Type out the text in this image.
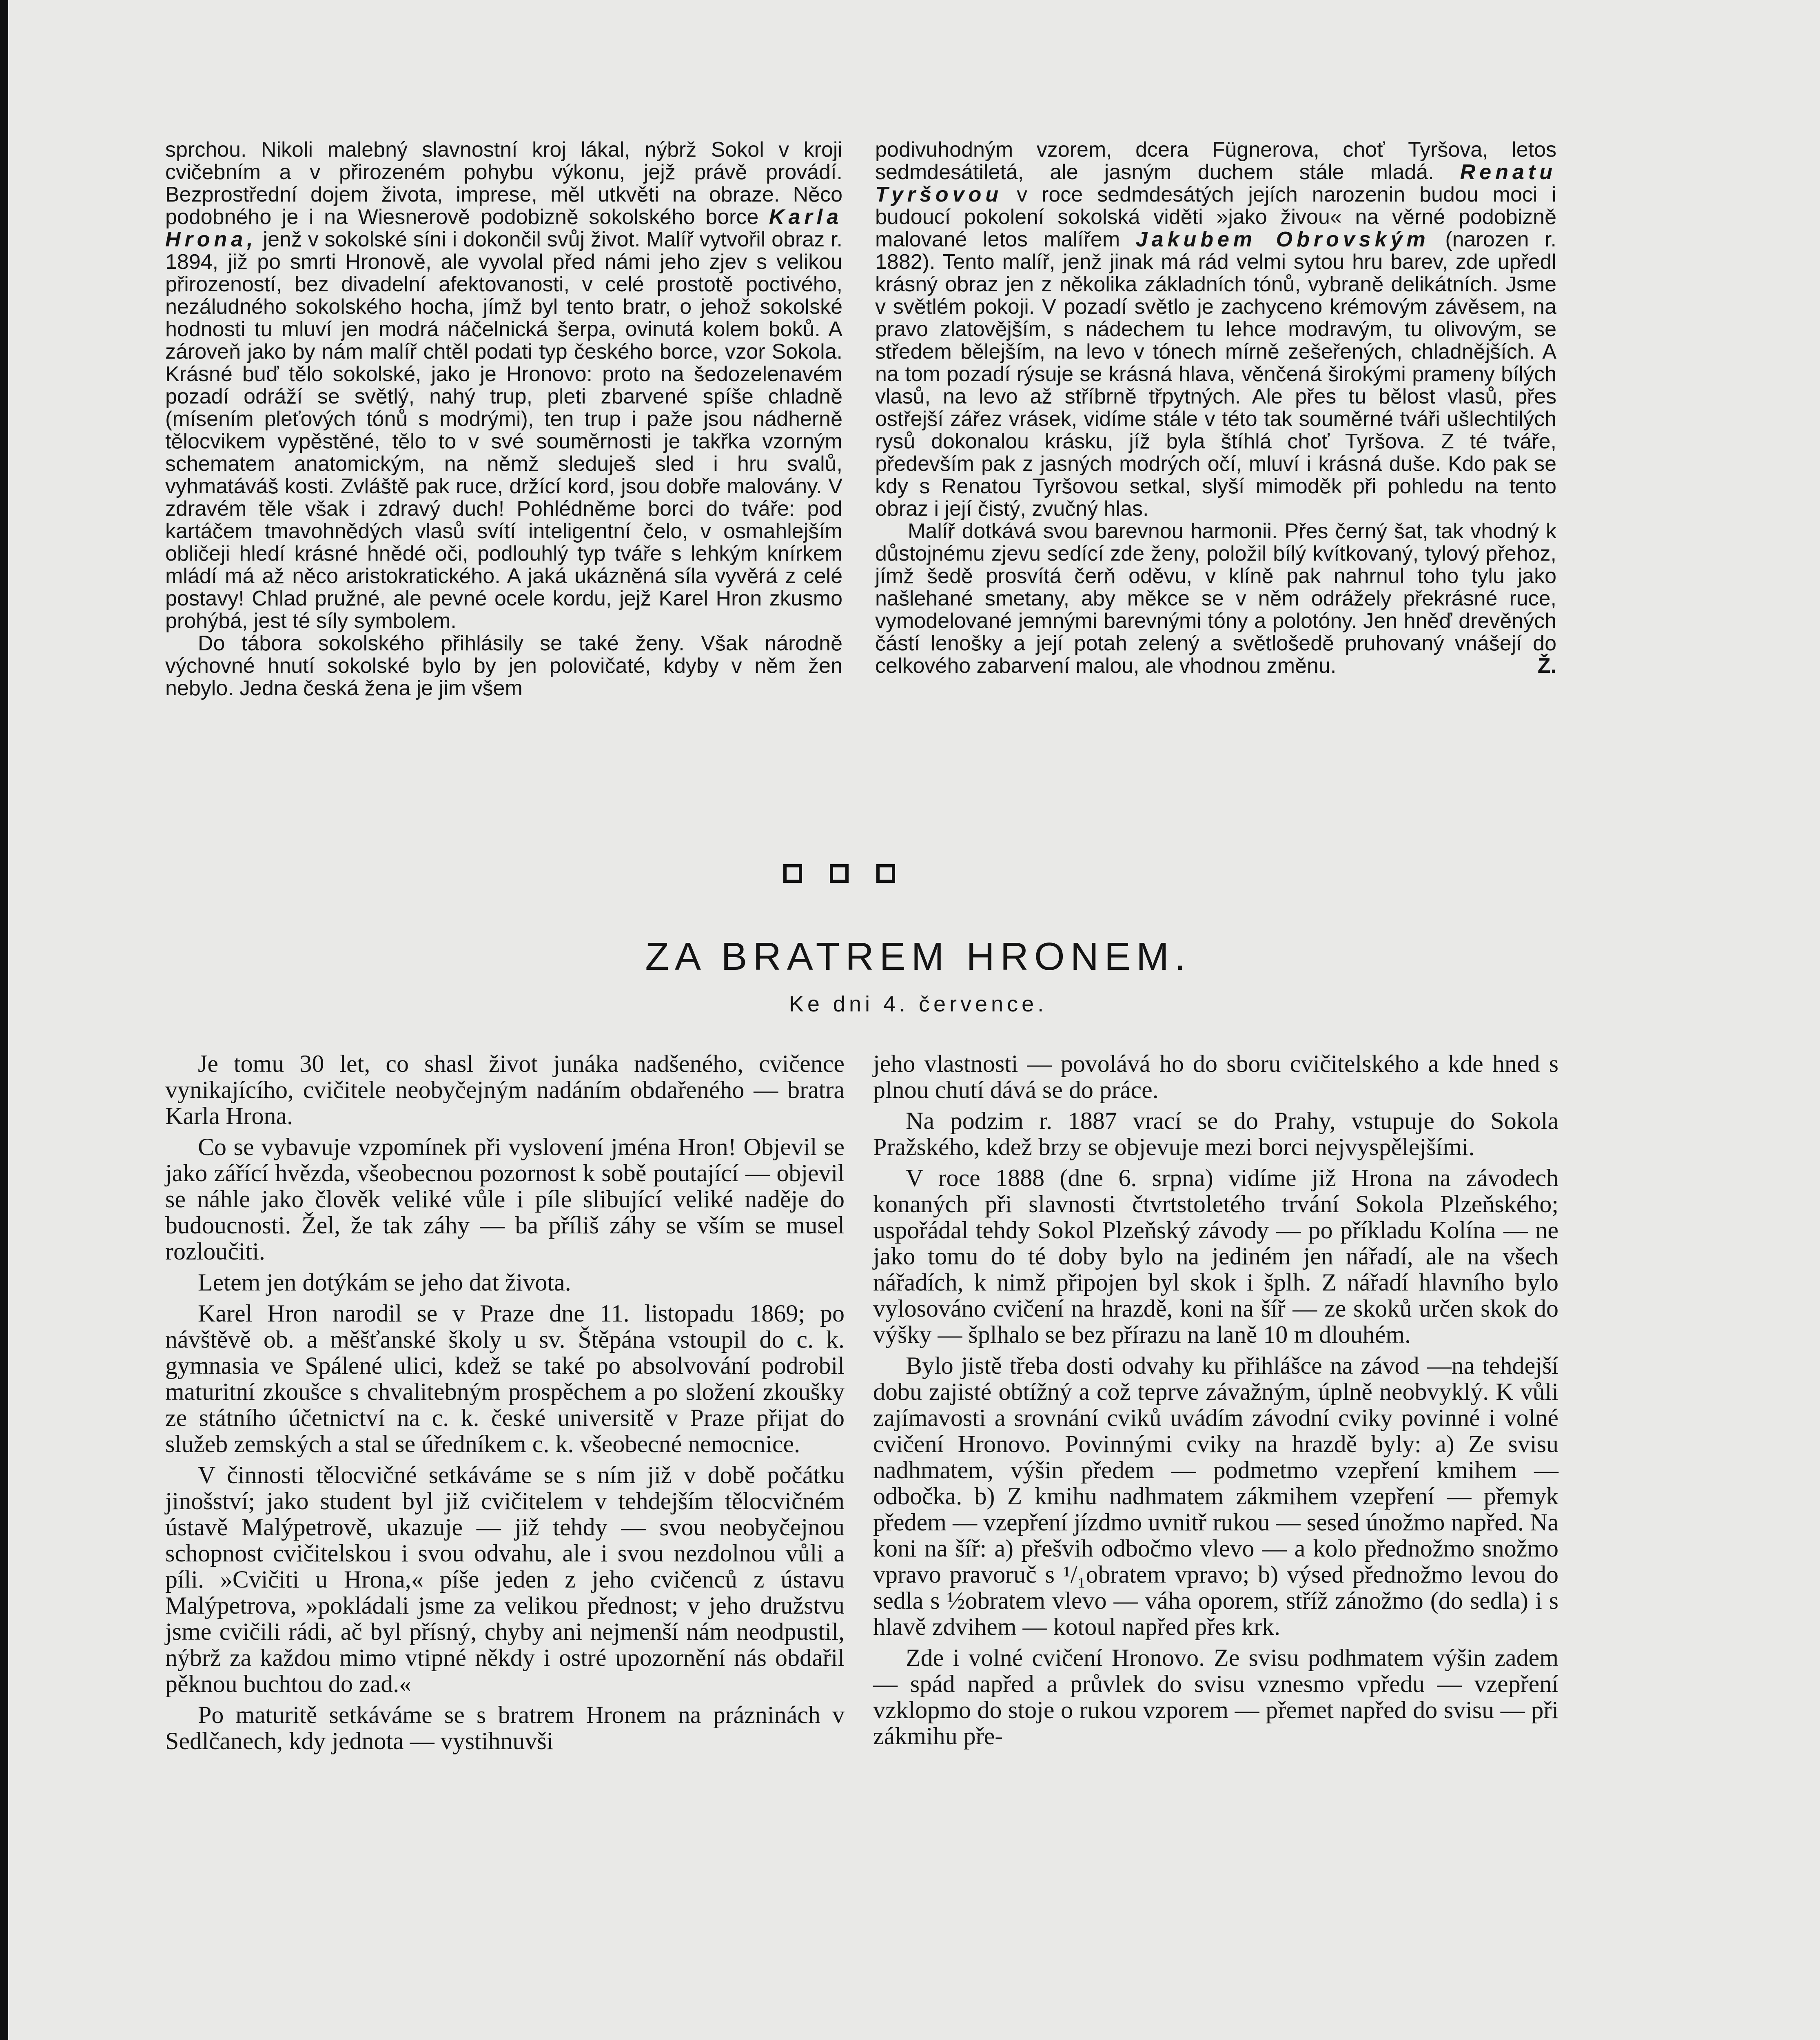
sprchou. Nikoli malebný slavnostní kroj lákal, nýbrž Sokol v kroji cvičebním a v přirozeném pohybu výkonu, jejž právě provádí. Bezprostřední dojem života, imprese, měl utkvěti na obraze. Něco podobného je i na Wiesnerově podobizně sokolského borce Karla Hrona, jenž v sokolské síni i dokončil svůj život. Malíř vytvořil obraz r. 1894, již po smrti Hronově, ale vyvolal před námi jeho zjev s velikou přirozeností, bez divadelní afektovanosti, v celé prostotě poctivého, nezáludného sokolského hocha, jímž byl tento bratr, o jehož sokolské hodnosti tu mluví jen modrá náčelnická šerpa, ovinutá kolem boků. A zároveň jako by nám malíř chtěl podati typ českého borce, vzor Sokola. Krásné buď tělo sokolské, jako je Hronovo: proto na šedozelenavém pozadí odráží se světlý, nahý trup, pleti zbarvené spíše chladně (mísením pleťových tónů s modrými), ten trup i paže jsou nádherně tělocvikem vypěstěné, tělo to v své souměrnosti je takřka vzorným schematem anatomickým, na němž sleduješ sled i hru svalů, vyhmatáváš kosti. Zvláště pak ruce, držící kord, jsou dobře malovány. V zdravém těle však i zdravý duch! Pohlédněme borci do tváře: pod kartáčem tmavohnědých vlasů svítí inteligentní čelo, v osmahlejším obličeji hledí krásné hnědé oči, podlouhlý typ tváře s lehkým knírkem mládí má až něco aristokratického. A jaká ukázněná síla vyvěrá z celé postavy! Chlad pružné, ale pevné ocele kordu, jejž Karel Hron zkusmo prohýbá, jest té síly symbolem.

Do tábora sokolského přihlásily se také ženy. Však národně výchovné hnutí sokolské bylo by jen polovičaté, kdyby v něm žen nebylo. Jedna česká žena je jim všem

podivuhodným vzorem, dcera Fügnerova, choť Tyršova, letos sedmdesátiletá, ale jasným duchem stále mladá. Renatu Tyršovou v roce sedmdesátých jejích narozenin budou moci i budoucí pokolení sokolská viděti »jako živou« na věrné podobizně malované letos malířem Jakubem Obrovským (narozen r. 1882). Tento malíř, jenž jinak má rád velmi sytou hru barev, zde upředl krásný obraz jen z několika základních tónů, vybraně delikátních. Jsme v světlém pokoji. V pozadí světlo je zachyceno krémovým závěsem, na pravo zlatovějším, s nádechem tu lehce modravým, tu olivovým, se středem bělejším, na levo v tónech mírně zešeřených, chladnějších. A na tom pozadí rýsuje se krásná hlava, věnčená širokými prameny bílých vlasů, na levo až stříbrně třpytných. Ale přes tu bělost vlasů, přes ostřejší zářez vrásek, vidíme stále v této tak souměrné tváři ušlechtilých rysů dokonalou krásku, jíž byla štíhlá choť Tyršova. Z té tváře, především pak z jasných modrých očí, mluví i krásná duše. Kdo pak se kdy s Renatou Tyršovou setkal, slyší mimoděk při pohledu na tento obraz i její čistý, zvučný hlas.

Malíř dotkává svou barevnou harmonii. Přes černý šat, tak vhodný k důstojnému zjevu sedící zde ženy, položil bílý kvítkovaný, tylový přehoz, jímž šedě prosvítá čerň oděvu, v klíně pak nahrnul toho tylu jako našlehané smetany, aby měkce se v něm odrážely překrásné ruce, vymodelované jemnými barevnými tóny a polotóny. Jen hněď drevěných částí lenošky a její potah zelený a světlošedě pruhovaný vnášejí do celkového zabarvení malou, ale vhodnou změnu.	Ž.

ZA BRATREM HRONEM.
Ke dni 4. července.

Je tomu 30 let, co shasl život junáka nadšeného, cvičence vynikajícího, cvičitele neobyčejným nadáním obdařeného — bratra Karla Hrona.

Co se vybavuje vzpomínek při vyslovení jména Hron! Objevil se jako zářící hvězda, všeobecnou pozornost k sobě poutající — objevil se náhle jako člověk veliké vůle i píle slibující veliké naděje do budoucnosti. Žel, že tak záhy — ba příliš záhy se vším se musel rozloučiti.

Letem jen dotýkám se jeho dat života.

Karel Hron narodil se v Praze dne 11. listopadu 1869; po návštěvě ob. a měšťanské školy u sv. Štěpána vstoupil do c. k. gymnasia ve Spálené ulici, kdež se také po absolvování podrobil maturitní zkoušce s chvalitebným prospěchem a po složení zkoušky ze státního účetnictví na c. k. české universitě v Praze přijat do služeb zemských a stal se úředníkem c. k. všeobecné nemocnice.

V činnosti tělocvičné setkáváme se s ním již v době počátku jinošství; jako student byl již cvičitelem v tehdejším tělocvičném ústavě Malýpetrově, ukazuje — již tehdy — svou neobyčejnou schopnost cvičitelskou i svou odvahu, ale i svou nezdolnou vůli a píli. »Cvičiti u Hrona,« píše jeden z jeho cvičenců z ústavu Malýpetrova, »pokládali jsme za velikou přednost; v jeho družstvu jsme cvičili rádi, ač byl přísný, chyby ani nejmenší nám neodpustil, nýbrž za každou mimo vtipné někdy i ostré upozornění nás obdařil pěknou buchtou do zad.«

Po maturitě setkáváme se s bratrem Hronem na prázninách v Sedlčanech, kdy jednota — vystihnuvši

jeho vlastnosti — povolává ho do sboru cvičitelského a kde hned s plnou chutí dává se do práce.

Na podzim r. 1887 vrací se do Prahy, vstupuje do Sokola Pražského, kdež brzy se objevuje mezi borci nejvyspělejšími.

V roce 1888 (dne 6. srpna) vidíme již Hrona na závodech konaných při slavnosti čtvrtstoletého trvání Sokola Plzeňského; uspořádal tehdy Sokol Plzeňský závody — po příkladu Kolína — ne jako tomu do té doby bylo na jediném jen nářadí, ale na všech nářadích, k nimž připojen byl skok i šplh. Z nářadí hlavního bylo vylosováno cvičení na hrazdě, koni na šíř — ze skoků určen skok do výšky — šplhalo se bez přírazu na laně 10 m dlouhém.

Bylo jistě třeba dosti odvahy ku přihlášce na závod —na tehdejší dobu zajisté obtížný a což teprve závažným, úplně neobvyklý. K vůli zajímavosti a srovnání cviků uvádím závodní cviky povinné i volné cvičení Hronovo. Povinnými cviky na hrazdě byly: a) Ze svisu nadhmatem, výšin předem — podmetmo vzepření kmihem — odbočka. b) Z kmihu nadhmatem zákmihem vzepření — přemyk předem — vzepření jízdmo uvnitř rukou — sesed únožmo napřed. Na koni na šíř: a) přešvih odbočmo vlevo — a kolo přednožmo snožmo vpravo pravoruč s ¹/₁obratem vpravo; b) výsed přednožmo levou do sedla s ½obratem vlevo — váha oporem, stříž zánožmo (do sedla) i s hlavě zdvihem — kotoul napřed přes krk.

Zde i volné cvičení Hronovo. Ze svisu podhmatem výšin zadem — spád napřed a průvlek do svisu vznesmo vpředu — vzepření vzklopmo do stoje o rukou vzporem — přemet napřed do svisu — při zákmihu pře-
